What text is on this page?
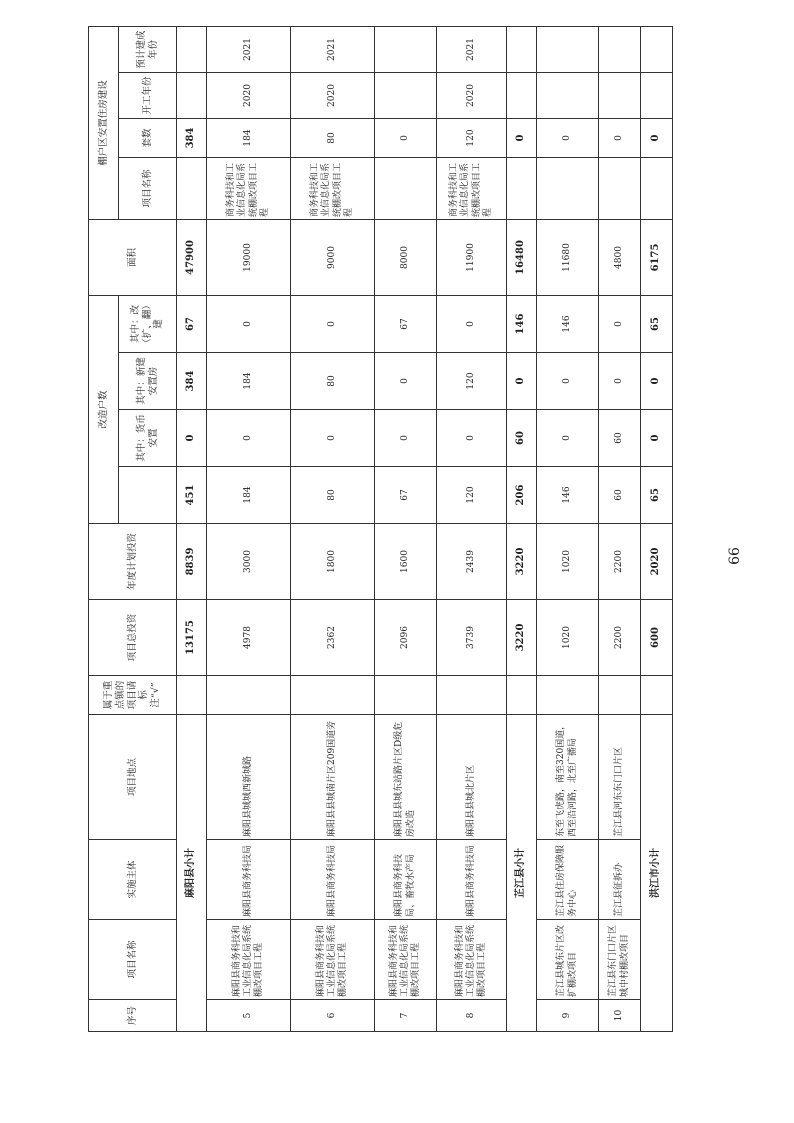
序号	项目名称	实施主体	项目地点	属于重点镇的项目请标注“√”	项目总投资	年度计划投资	改造户数				面积	棚户区安置住房建设			
								其中：货币安置	其中：新建安置房	其中：改（扩、翻）建		项目名称	套数	开工年份	预计建成年份
麻阳县小计					13175	8839	451	0	384	67	47900		384		
5	麻阳县商务科技和工业信息化局系统棚改项目工程	麻阳县商务科技局	麻阳县城城西新城路		4978	3000	184	0	184	0	19000	商务科技和工业信息化局系统棚改项目工程	184	2020	2021
6	麻阳县商务科技和工业信息化局系统棚改项目工程	麻阳县商务科技局	麻阳县县城南片区209国道旁		2362	1800	80	0	80	0	9000	商务科技和工业信息化局系统棚改项目工程	80	2020	2021
7	麻阳县商务科技和工业信息化局系统棚改项目工程	麻阳县商务科技局、畜牧水产局	麻阳县县城东站路片区D级危房改造		2096	1600	67	0	0	67	8000		0		
8	麻阳县商务科技和工业信息化局系统棚改项目工程	麻阳县商务科技局	麻阳县县城北片区		3739	2439	120	0	120	0	11900	商务科技和工业信息化局系统棚改项目工程	120	2020	2021
芷江县小计					3220	3220	206	60	0	146	16480		0		
9	芷江县城东片区改扩棚改项目	芷江县住房保障服务中心	东至飞虎路，南至320国道，西至沿河路，北至广播局		1020	1020	146	0	0	146	11680		0		
10	芷江县东门口片区城中村棚改项目	芷江县征拆办	芷江县河东东门口片区		2200	2200	60	60	0	0	4800		0		
洪江市小计					600	2020	65	0	0	65	6175		0		
66
